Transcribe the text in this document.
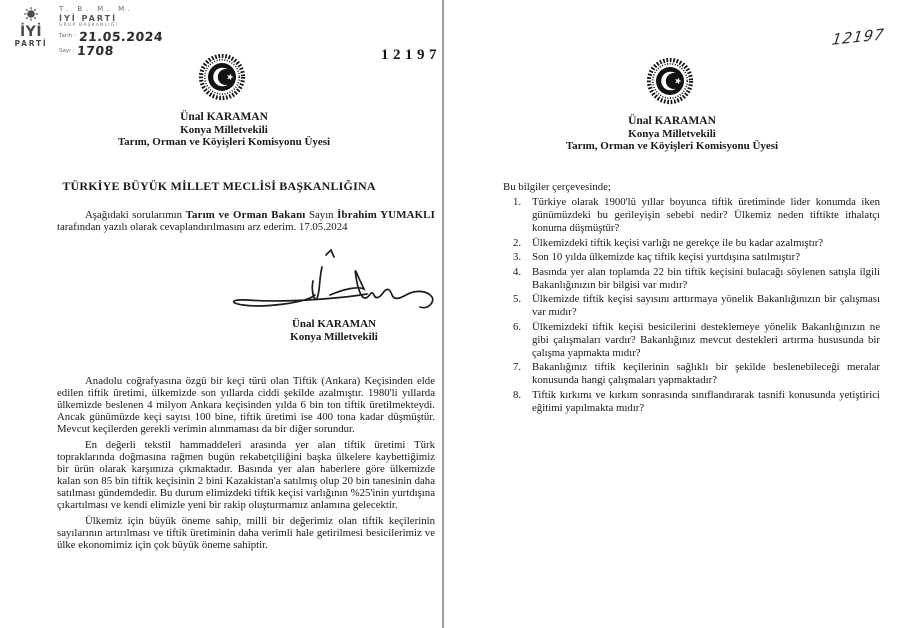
İYİ
PARTİ
T. B. M. M.
İYİ PARTİ
GRUP BAŞKANLIĞI
Tarih : 21.05.2024
Sayı : 1708	12197
Ünal KARAMAN
Konya Milletvekili
Tarım, Orman ve Köyişleri Komisyonu Üyesi
TÜRKİYE BÜYÜK MİLLET MECLİSİ BAŞKANLIĞINA
Aşağıdaki sorularımın Tarım ve Orman Bakanı Sayın İbrahim YUMAKLI tarafından yazılı olarak cevaplandırılmasını arz ederim. 17.05.2024
Ünal KARAMAN
Konya Milletvekili

Anadolu coğrafyasına özgü bir keçi türü olan Tiftik (Ankara) Keçisinden elde edilen tiftik üretimi, ülkemizde son yıllarda ciddi şekilde azalmıştır. 1980'li yıllarda ülkemizde beslenen 4 milyon Ankara keçisinden yılda 6 bin ton tiftik üretilmekteydi. Ancak günümüzde keçi sayısı 100 bine, tiftik üretimi ise 400 tona kadar düşmüştür. Mevcut keçilerden gerekli verimin alınmaması da bir diğer sorundur.

En değerli tekstil hammaddeleri arasında yer alan tiftik üretimi Türk topraklarında doğmasına rağmen bugün rekabetçiliğini başka ülkelere kaybettiğimiz bir ürün olarak karşımıza çıkmaktadır. Basında yer alan haberlere göre ülkemizde kalan son 85 bin tiftik keçisinin 2 bini Kazakistan'a satılmış olup 20 bin tanesinin daha satılması gündemdedir. Bu durum elimizdeki tiftik keçisi varlığının %25'inin yurtdışına çıkartılması ve kendi elimizle yeni bir rakip oluşturmamız anlamına gelecektir.

Ülkemiz için büyük öneme sahip, milli bir değerimiz olan tiftik keçilerinin sayılarının artırılması ve tiftik üretiminin daha verimli hale getirilmesi besicilerimiz ve ülke ekonomimiz için çok büyük öneme sahiptir.

12197
Ünal KARAMAN
Konya Milletvekili
Tarım, Orman ve Köyişleri Komisyonu Üyesi
Bu bilgiler çerçevesinde;
1.	Türkiye olarak 1900'lü yıllar boyunca tiftik üretiminde lider konumda iken günümüzdeki bu gerileyişin sebebi nedir? Ülkemiz neden tiftikte ithalatçı konuma düşmüştür?
2.	Ülkemizdeki tiftik keçisi varlığı ne gerekçe ile bu kadar azalmıştır?
3.	Son 10 yılda ülkemizde kaç tiftik keçisi yurtdışına satılmıştır?
4.	Basında yer alan toplamda 22 bin tiftik keçisini bulacağı söylenen satışla ilgili Bakanlığınızın bir bilgisi var mıdır?
5.	Ülkemizde tiftik keçisi sayısını arttırmaya yönelik Bakanlığınızın bir çalışması var mıdır?
6.	Ülkemizdeki tiftik keçisi besicilerini desteklemeye yönelik Bakanlığınızın ne gibi çalışmaları vardır? Bakanlığınız mevcut destekleri artırma hususunda bir çalışma yapmakta mıdır?
7.	Bakanlığınız tiftik keçilerinin sağlıklı bir şekilde beslenebileceği meralar konusunda hangi çalışmaları yapmaktadır?
8.	Tiftik kırkımı ve kırkım sonrasında sınıflandırarak tasnifi konusunda yetiştirici eğitimi yapılmakta mıdır?
